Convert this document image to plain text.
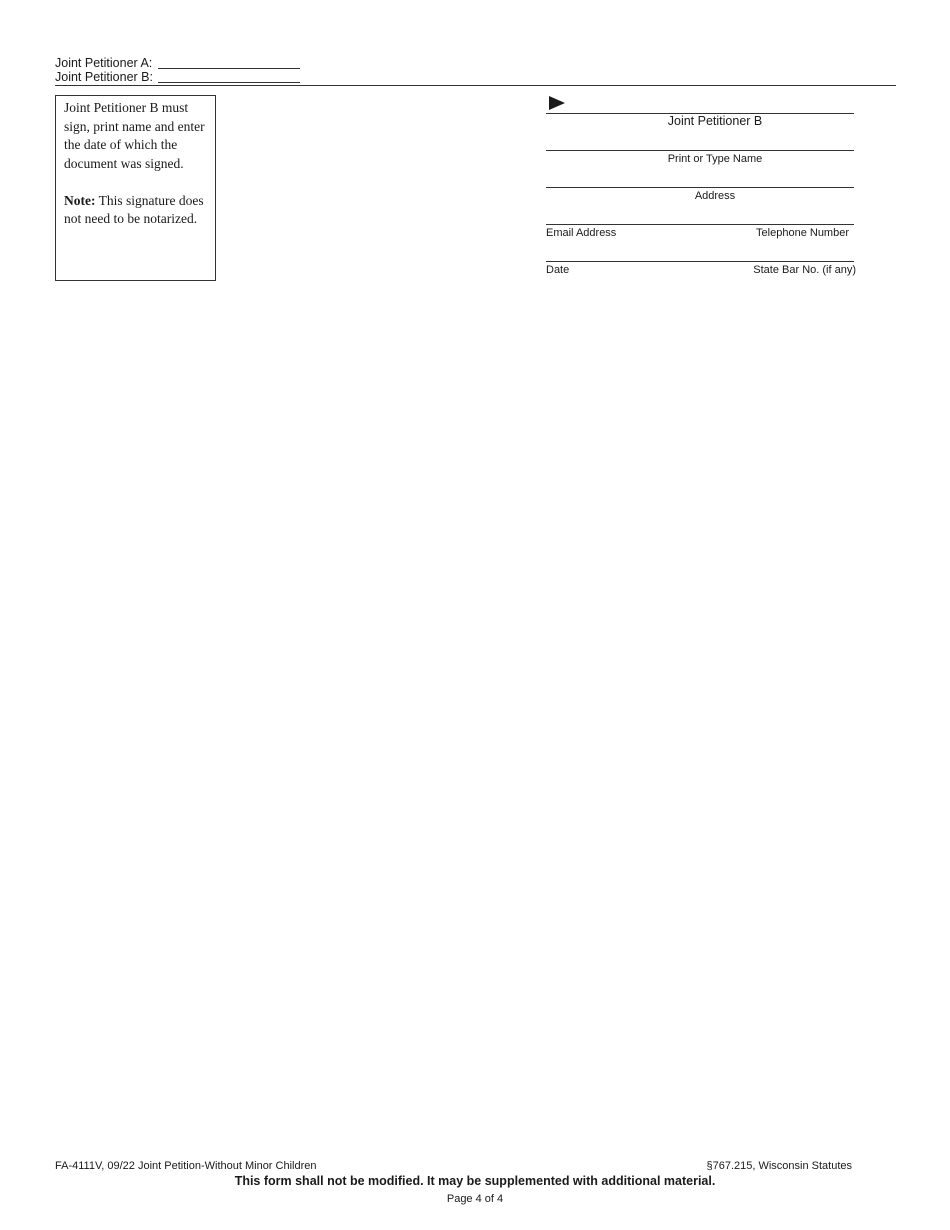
Joint Petitioner A:
Joint Petitioner B:

Joint Petitioner B must sign, print name and enter the date of which the document was signed.

Note: This signature does not need to be notarized.

Joint Petitioner B
Print or Type Name
Address
Email Address	Telephone Number
Date	State Bar No. (if any)
FA-4111V, 09/22 Joint Petition-Without Minor Children	§767.215, Wisconsin Statutes
This form shall not be modified. It may be supplemented with additional material.
Page 4 of 4
